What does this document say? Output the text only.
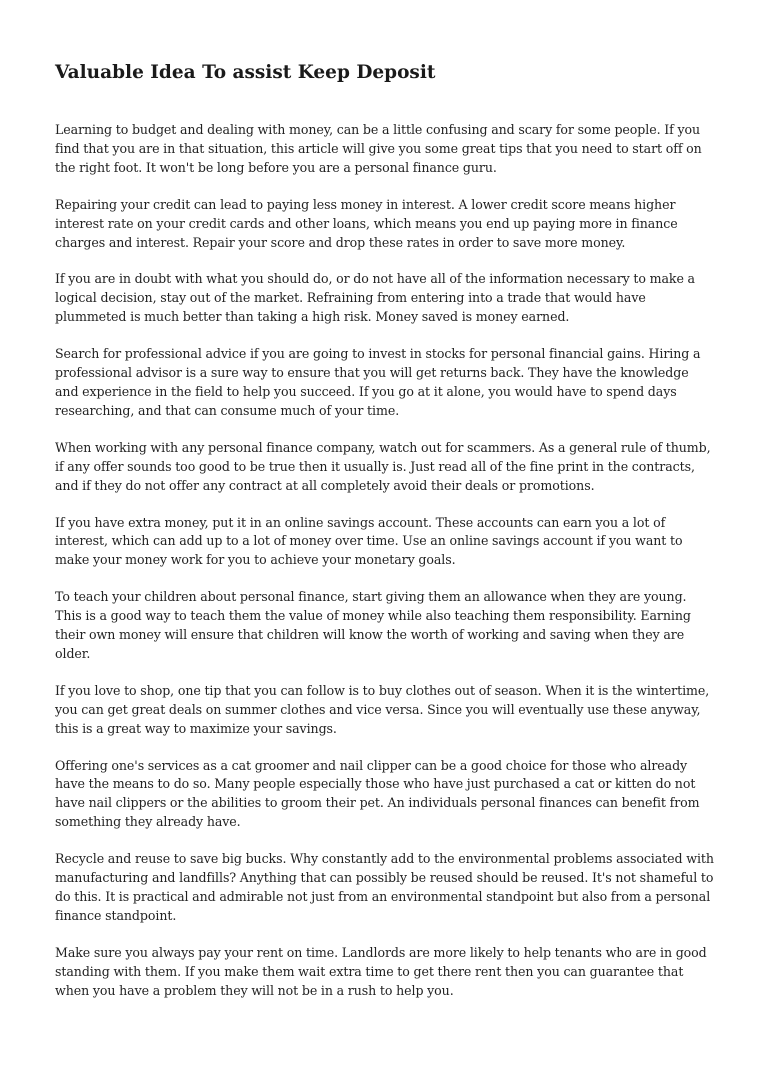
Valuable Idea To assist Keep Deposit

Learning to budget and dealing with money, can be a little confusing and scary for some people. If you find that you are in that situation, this article will give you some great tips that you need to start off on the right foot. It won't be long before you are a personal finance guru.

Repairing your credit can lead to paying less money in interest. A lower credit score means higher interest rate on your credit cards and other loans, which means you end up paying more in finance charges and interest. Repair your score and drop these rates in order to save more money.

If you are in doubt with what you should do, or do not have all of the information necessary to make a logical decision, stay out of the market. Refraining from entering into a trade that would have plummeted is much better than taking a high risk. Money saved is money earned.

Search for professional advice if you are going to invest in stocks for personal financial gains. Hiring a professional advisor is a sure way to ensure that you will get returns back. They have the knowledge and experience in the field to help you succeed. If you go at it alone, you would have to spend days researching, and that can consume much of your time.

When working with any personal finance company, watch out for scammers. As a general rule of thumb, if any offer sounds too good to be true then it usually is. Just read all of the fine print in the contracts, and if they do not offer any contract at all completely avoid their deals or promotions.

If you have extra money, put it in an online savings account. These accounts can earn you a lot of interest, which can add up to a lot of money over time. Use an online savings account if you want to make your money work for you to achieve your monetary goals.

To teach your children about personal finance, start giving them an allowance when they are young. This is a good way to teach them the value of money while also teaching them responsibility. Earning their own money will ensure that children will know the worth of working and saving when they are older.

If you love to shop, one tip that you can follow is to buy clothes out of season. When it is the wintertime, you can get great deals on summer clothes and vice versa. Since you will eventually use these anyway, this is a great way to maximize your savings.

Offering one's services as a cat groomer and nail clipper can be a good choice for those who already have the means to do so. Many people especially those who have just purchased a cat or kitten do not have nail clippers or the abilities to groom their pet. An individuals personal finances can benefit from something they already have.

Recycle and reuse to save big bucks. Why constantly add to the environmental problems associated with manufacturing and landfills? Anything that can possibly be reused should be reused. It's not shameful to do this. It is practical and admirable not just from an environmental standpoint but also from a personal finance standpoint.

Make sure you always pay your rent on time. Landlords are more likely to help tenants who are in good standing with them. If you make them wait extra time to get there rent then you can guarantee that when you have a problem they will not be in a rush to help you.
